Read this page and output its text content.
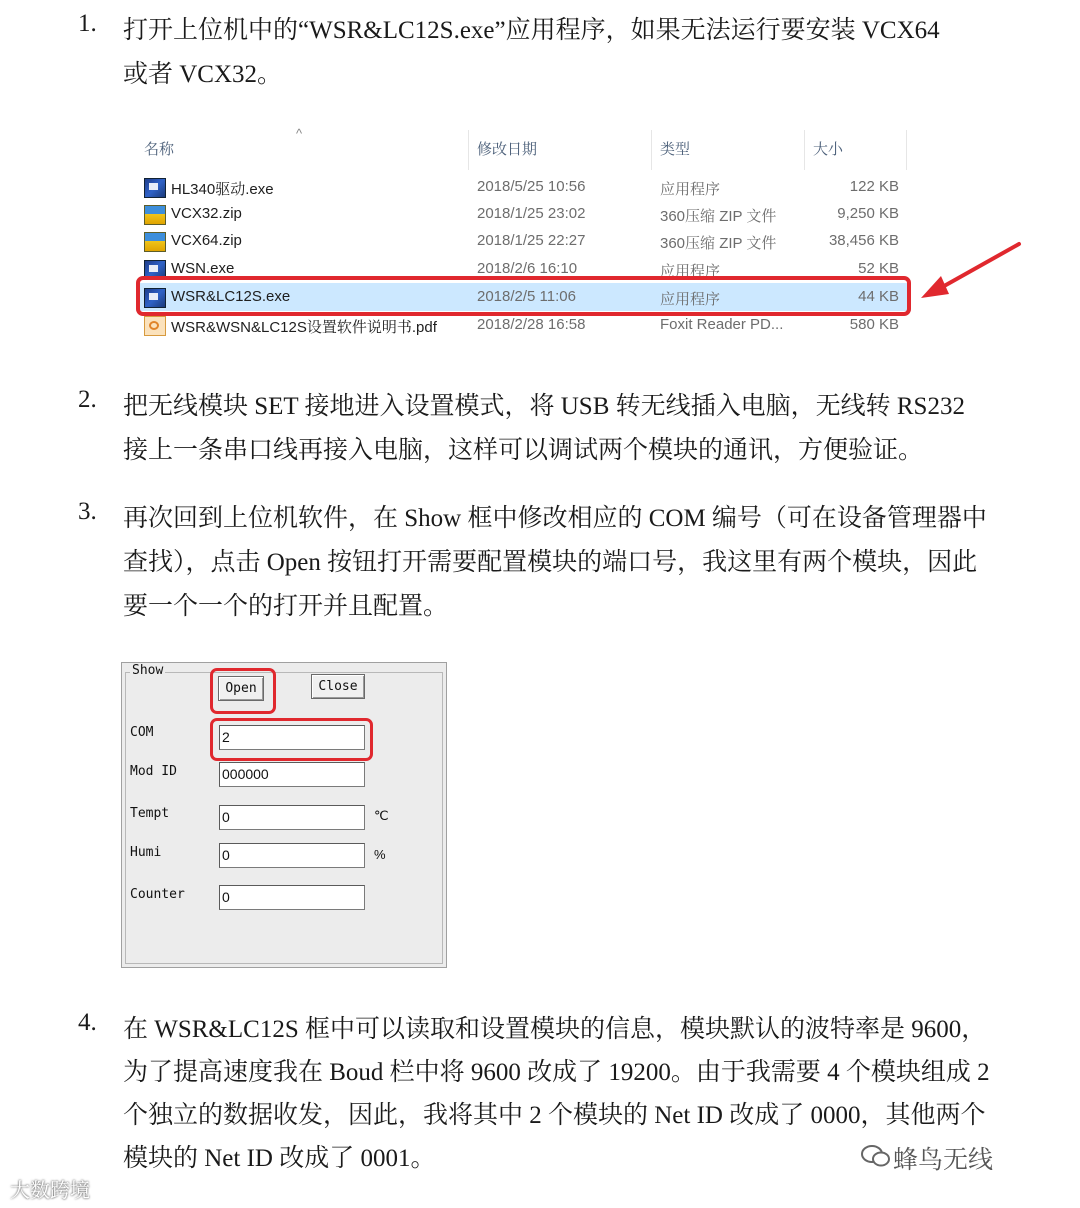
1. 打开上位机中的“WSR&LC12S.exe”应用程序，如果无法运行要安装 VCX64
或者 VCX32。
^
名称	修改日期	类型	大小
HL340驱动.exe	2018/5/25 10:56	应用程序	122 KB
VCX32.zip	2018/1/25 23:02	360压缩 ZIP 文件	9,250 KB
VCX64.zip	2018/1/25 22:27	360压缩 ZIP 文件	38,456 KB
WSN.exe	2018/2/6 16:10	应用程序	52 KB
WSR&LC12S.exe	2018/2/5 11:06	应用程序	44 KB
WSR&WSN&LC12S设置软件说明书.pdf	2018/2/28 16:58	Foxit Reader PD...	580 KB
2. 把无线模块 SET 接地进入设置模式，将 USB 转无线插入电脑，无线转 RS232
接上一条串口线再接入电脑，这样可以调试两个模块的通讯，方便验证。
3. 再次回到上位机软件，在 Show 框中修改相应的 COM 编号（可在设备管理器中
查找），点击 Open 按钮打开需要配置模块的端口号，我这里有两个模块，因此
要一个一个的打开并且配置。
Show
Open	Close
COM	2
Mod ID	000000
Tempt	0	℃
Humi	0	%
Counter	0
4. 在 WSR&LC12S 框中可以读取和设置模块的信息，模块默认的波特率是 9600，
为了提高速度我在 Boud 栏中将 9600 改成了 19200。由于我需要 4 个模块组成 2
个独立的数据收发，因此，我将其中 2 个模块的 Net ID 改成了 0000，其他两个
模块的 Net ID 改成了 0001。	蜂鸟无线
大数跨境
